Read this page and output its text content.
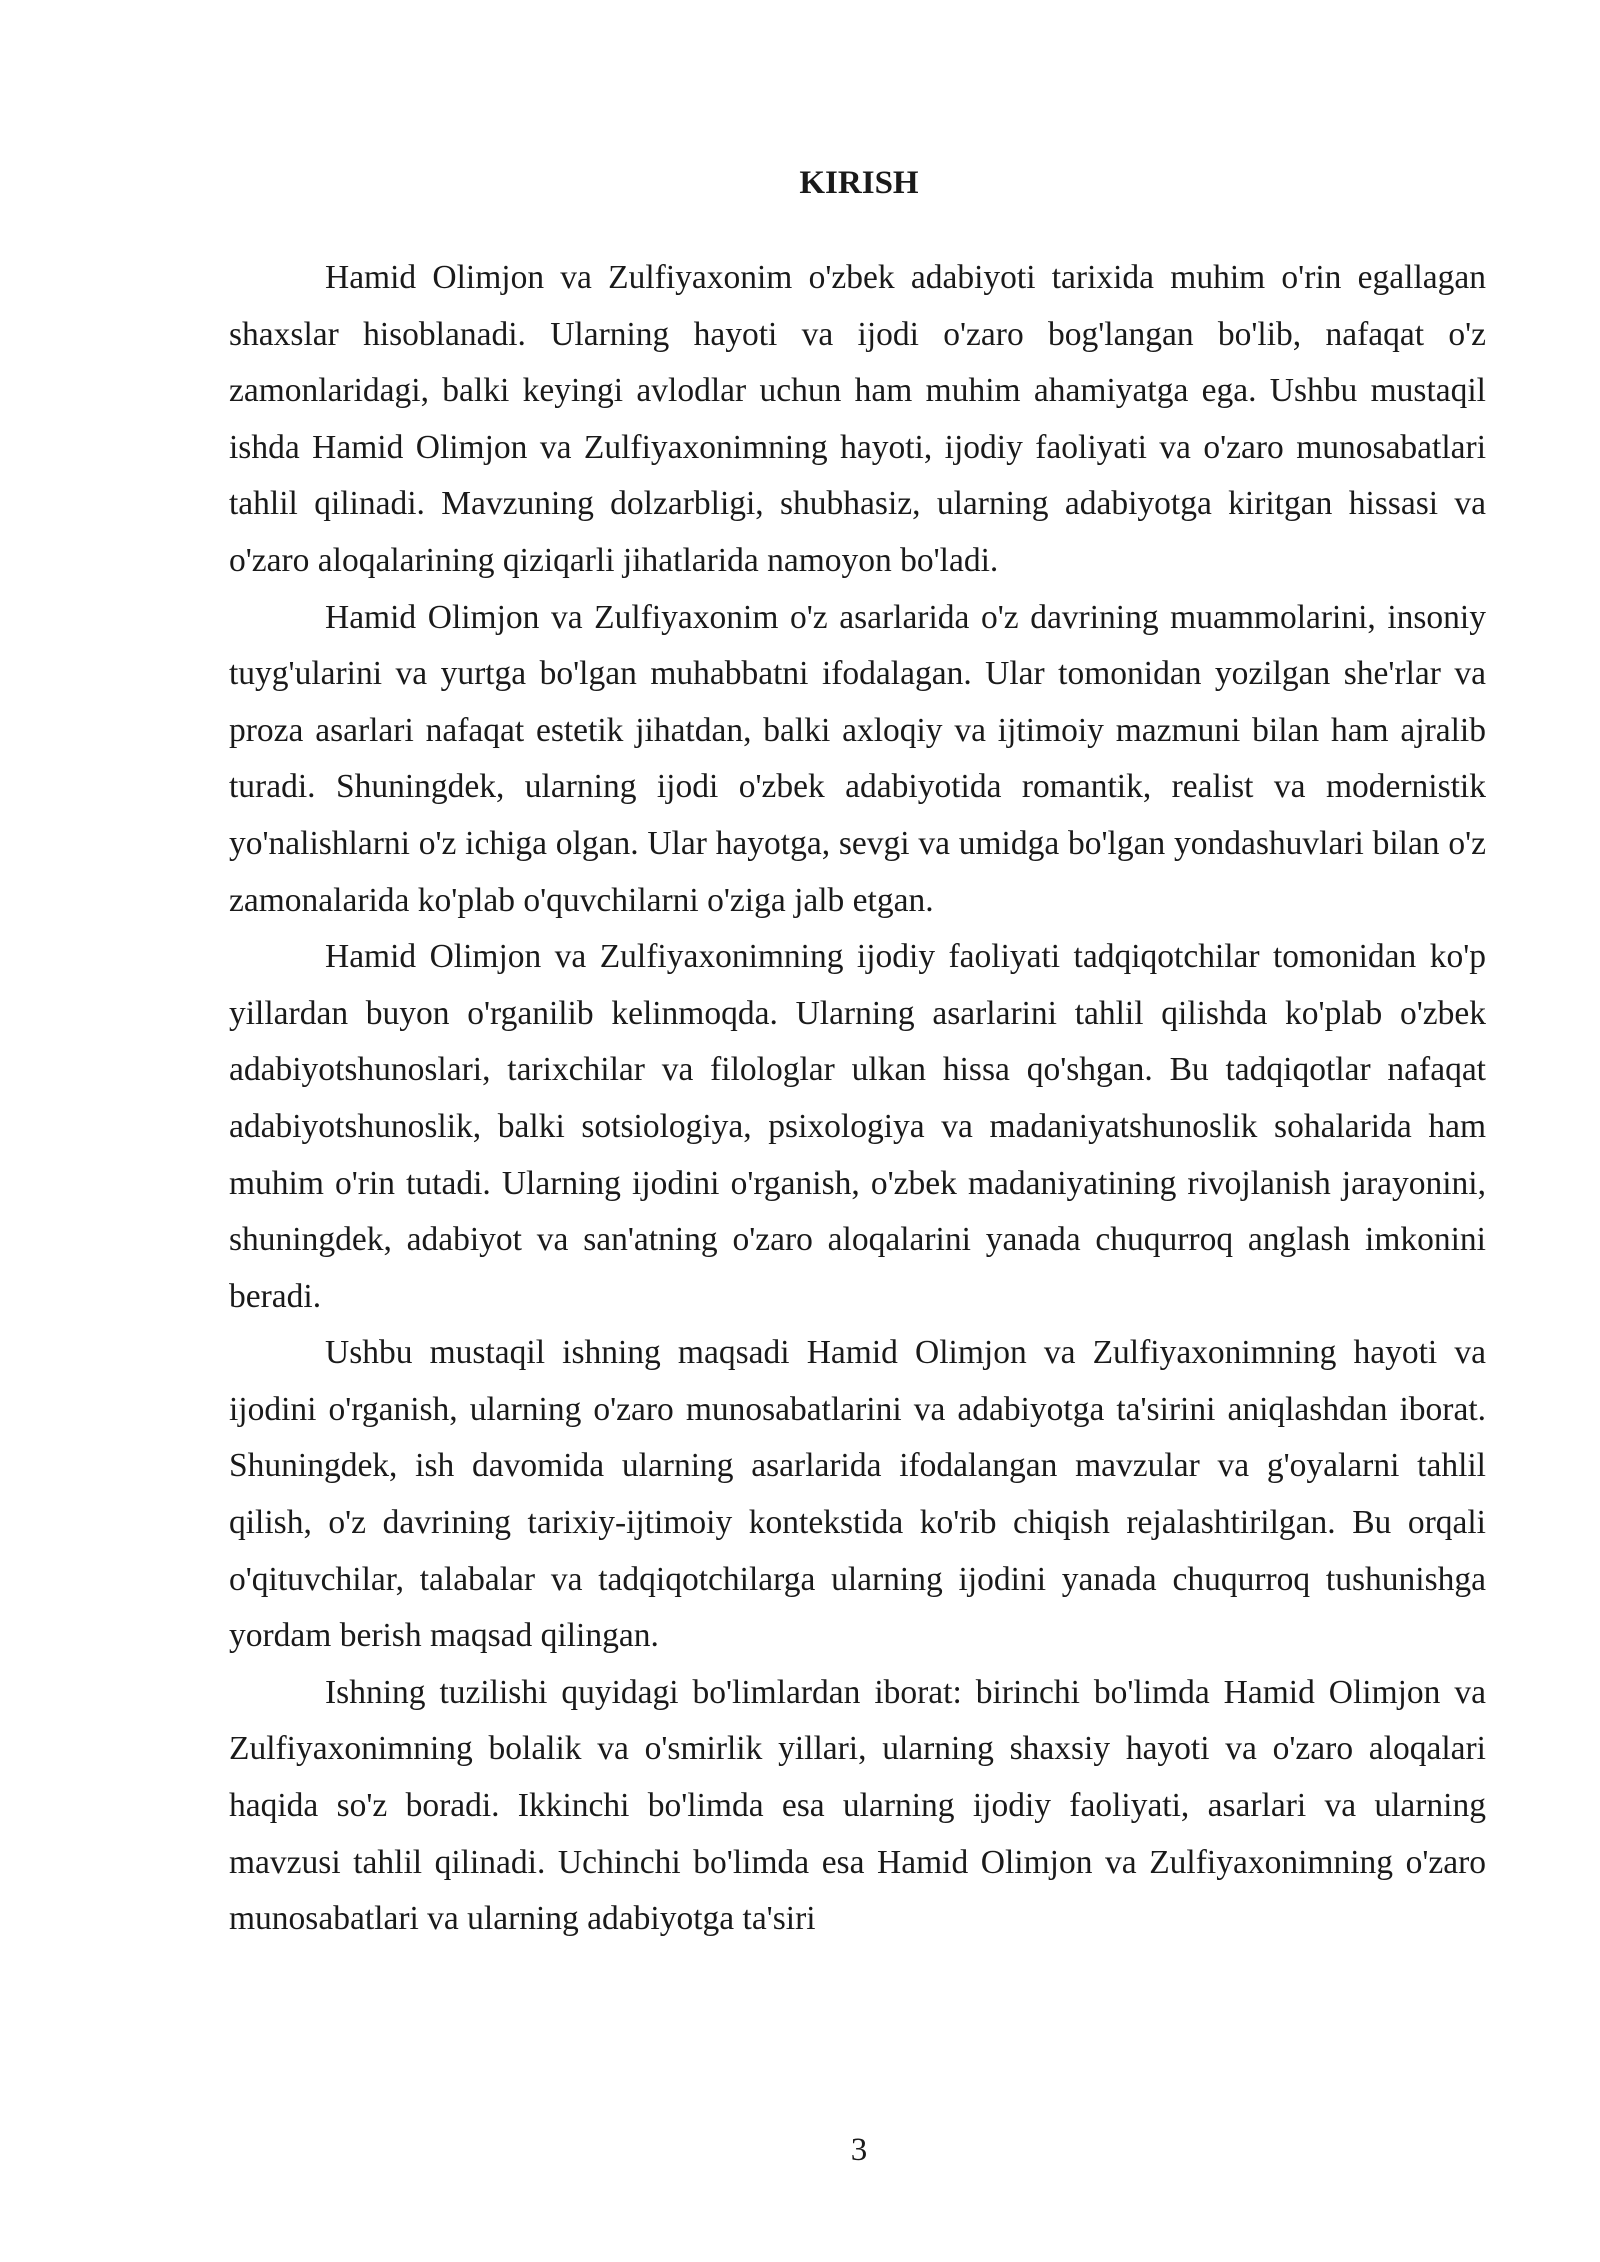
KIRISH

Hamid Olimjon va Zulfiyaxonim o'zbek adabiyoti tarixida muhim o'rin egallagan shaxslar hisoblanadi. Ularning hayoti va ijodi o'zaro bog'langan bo'lib, nafaqat o'z zamonlaridagi, balki keyingi avlodlar uchun ham muhim ahamiyatga ega. Ushbu mustaqil ishda Hamid Olimjon va Zulfiyaxonimning hayoti, ijodiy faoliyati va o'zaro munosabatlari tahlil qilinadi. Mavzuning dolzarbligi, shubhasiz, ularning adabiyotga kiritgan hissasi va o'zaro aloqalarining qiziqarli jihatlarida namoyon bo'ladi.

Hamid Olimjon va Zulfiyaxonim o'z asarlarida o'z davrining muammolarini, insoniy tuyg'ularini va yurtga bo'lgan muhabbatni ifodalagan. Ular tomonidan yozilgan she'rlar va proza asarlari nafaqat estetik jihatdan, balki axloqiy va ijtimoiy mazmuni bilan ham ajralib turadi. Shuningdek, ularning ijodi o'zbek adabiyotida romantik, realist va modernistik yo'nalishlarni o'z ichiga olgan. Ular hayotga, sevgi va umidga bo'lgan yondashuvlari bilan o'z zamonalarida ko'plab o'quvchilarni o'ziga jalb etgan.

Hamid Olimjon va Zulfiyaxonimning ijodiy faoliyati tadqiqotchilar tomonidan ko'p yillardan buyon o'rganilib kelinmoqda. Ularning asarlarini tahlil qilishda ko'plab o'zbek adabiyotshunoslari, tarixchilar va filologlar ulkan hissa qo'shgan. Bu tadqiqotlar nafaqat adabiyotshunoslik, balki sotsiologiya, psixologiya va madaniyatshunoslik sohalarida ham muhim o'rin tutadi. Ularning ijodini o'rganish, o'zbek madaniyatining rivojlanish jarayonini, shuningdek, adabiyot va san'atning o'zaro aloqalarini yanada chuqurroq anglash imkonini beradi.

Ushbu mustaqil ishning maqsadi Hamid Olimjon va Zulfiyaxonimning hayoti va ijodini o'rganish, ularning o'zaro munosabatlarini va adabiyotga ta'sirini aniqlashdan iborat. Shuningdek, ish davomida ularning asarlarida ifodalangan mavzular va g'oyalarni tahlil qilish, o'z davrining tarixiy-ijtimoiy kontekstida ko'rib chiqish rejalashtirilgan. Bu orqali o'qituvchilar, talabalar va tadqiqotchilarga ularning ijodini yanada chuqurroq tushunishga yordam berish maqsad qilingan.

Ishning tuzilishi quyidagi bo'limlardan iborat: birinchi bo'limda Hamid Olimjon va Zulfiyaxonimning bolalik va o'smirlik yillari, ularning shaxsiy hayoti va o'zaro aloqalari haqida so'z boradi. Ikkinchi bo'limda esa ularning ijodiy faoliyati, asarlari va ularning mavzusi tahlil qilinadi. Uchinchi bo'limda esa Hamid Olimjon va Zulfiyaxonimning o'zaro munosabatlari va ularning adabiyotga ta'siri

3
